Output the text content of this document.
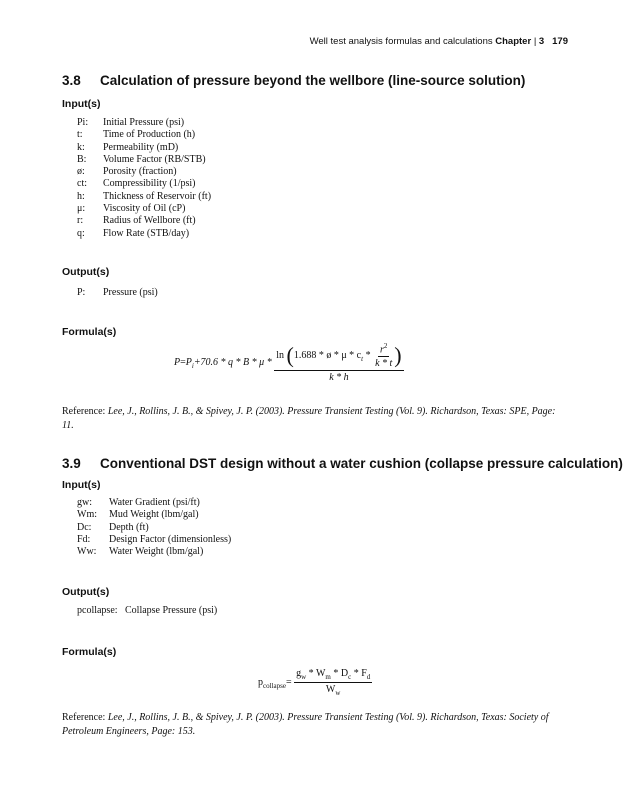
Well test analysis formulas and calculations Chapter | 3 179
3.8 Calculation of pressure beyond the wellbore (line-source solution)
Input(s)
Pi:	Initial Pressure (psi)
t:	Time of Production (h)
k:	Permeability (mD)
B:	Volume Factor (RB/STB)
ø:	Porosity (fraction)
ct:	Compressibility (1/psi)
h:	Thickness of Reservoir (ft)
μ:	Viscosity of Oil (cP)
r:	Radius of Wellbore (ft)
q:	Flow Rate (STB/day)
Output(s)
P:	Pressure (psi)
Formula(s)
$P=P_i+70.6 * q * B * \mu$ *
ln (1.688 * ø * μ * $c_t * \frac{r^2}{k * t}$ )
k * h
Reference: Lee, J., Rollins, J. B., & Spivey, J. P. (2003). Pressure Transient Testing (Vol. 9). Richardson, Texas: SPE, Page: 11.
3.9 Conventional DST design without a water cushion (collapse pressure calculation)
Input(s)
gw:	Water Gradient (psi/ft)
Wm:	Mud Weight (lbm/gal)
Dc:	Depth (ft)
Fd:	Design Factor (dimensionless)
Ww:	Water Weight (lbm/gal)
Output(s)
pcollapse: Collapse Pressure (psi)
Formula(s)
$p_{collapse}= \frac{g_w * W_m * D_c * F_d}{W_w}$
Reference: Lee, J., Rollins, J. B., & Spivey, J. P. (2003). Pressure Transient Testing (Vol. 9). Richardson, Texas: Society of Petroleum Engineers, Page: 153.
